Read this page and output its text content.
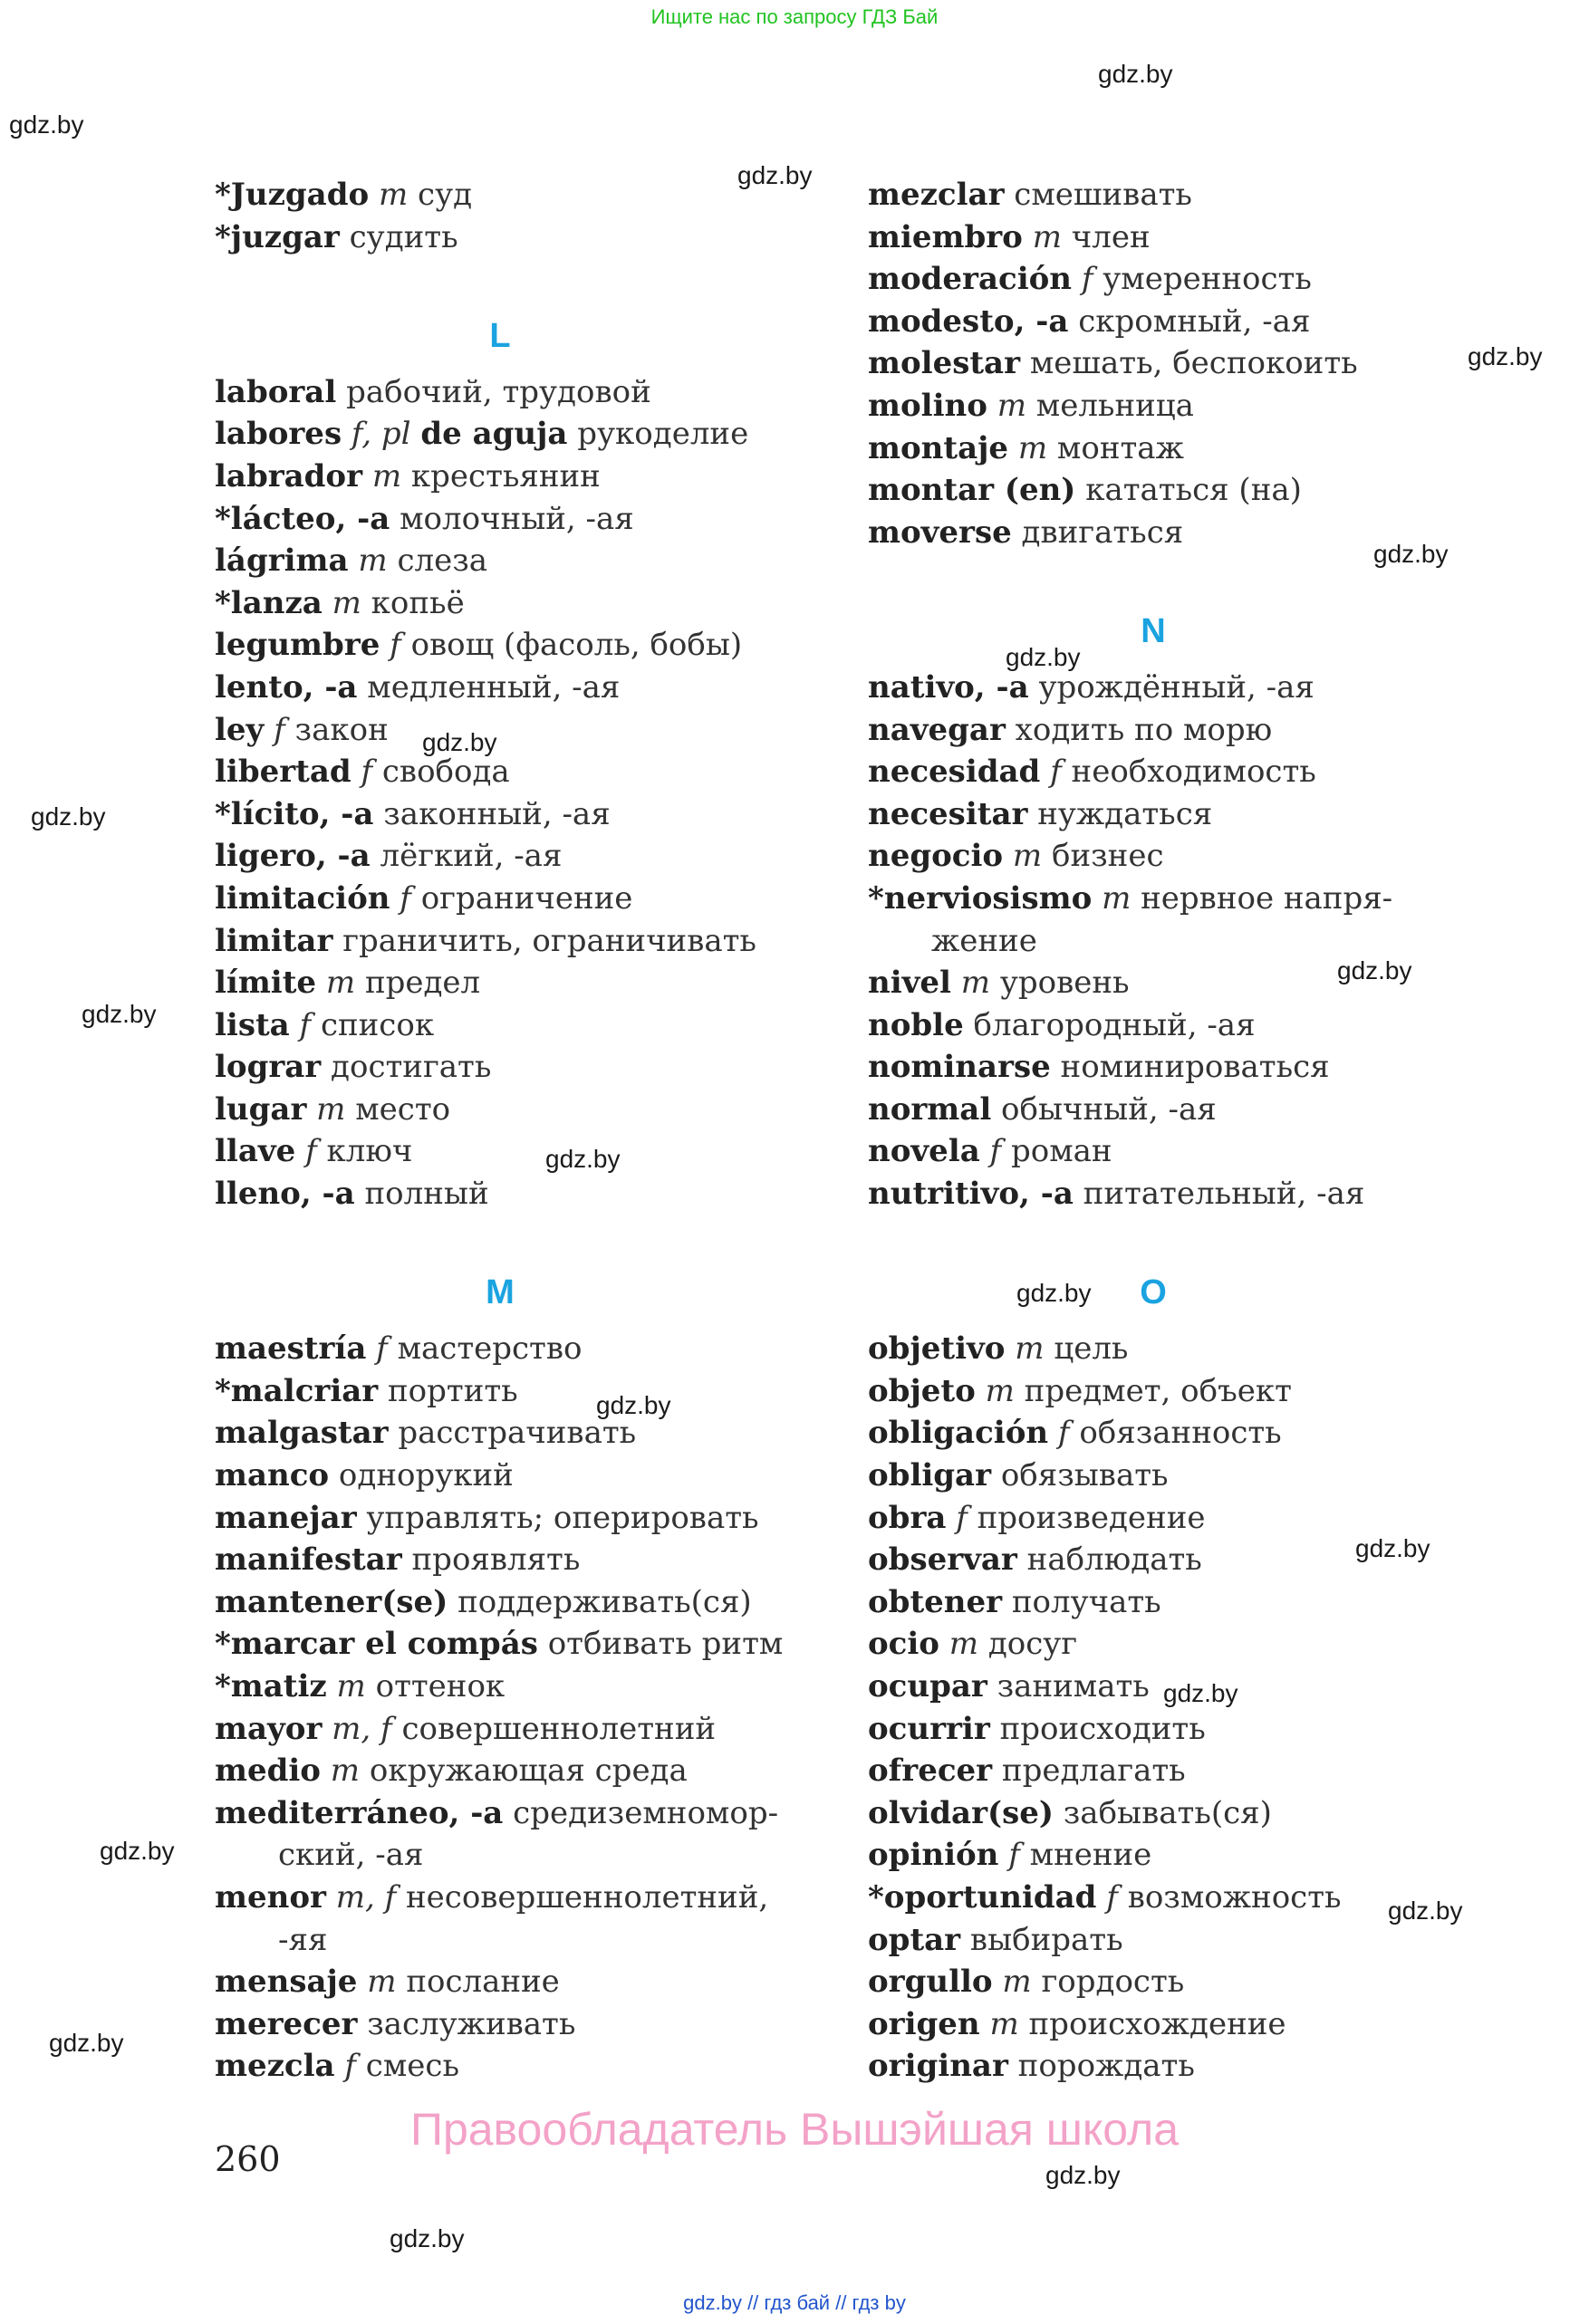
Ищите нас по запросу ГДЗ Бай
gdz.by
gdz.by
gdz.by
gdz.by
gdz.by
gdz.by
gdz.by
gdz.by
gdz.by
gdz.by
gdz.by
gdz.by
gdz.by
gdz.by
gdz.by
gdz.by
gdz.by
gdz.by
gdz.by
gdz.by
*Juzgado m суд
*juzgar судить
L
laboral рабочий, трудовой
labores f, pl de aguja рукоделие
labrador m крестьянин
*lácteo, -a молочный, -ая
lágrima m слеза
*lanza m копьё
legumbre f овощ (фасоль, бобы)
lento, -a медленный, -ая
ley f закон
libertad f свобода
*lícito, -a законный, -ая
ligero, -a лёгкий, -ая
limitación f ограничение
limitar граничить, ограничивать
límite m предел
lista f список
lograr достигать
lugar m место
llave f ключ
lleno, -a полный
M
maestría f мастерство
*malcriar портить
malgastar расстрачивать
manco однорукий
manejar управлять; оперировать
manifestar проявлять
mantener(se) поддерживать(ся)
*marcar el compás отбивать ритм
*matiz m оттенок
mayor m, f совершеннолетний
medio m окружающая среда
mediterráneo, -a средиземномор-
ский, -ая
menor m, f несовершеннолетний,
-яя
mensaje m послание
merecer заслуживать
mezcla f смесь
mezclar смешивать
miembro m член
moderación f умеренность
modesto, -a скромный, -ая
molestar мешать, беспокоить
molino m мельница
montaje m монтаж
montar (en) кататься (на)
moverse двигаться
N
nativo, -a урождённый, -ая
navegar ходить по морю
necesidad f необходимость
necesitar нуждаться
negocio m бизнес
*nerviosismo m нервное напря-
жение
nivel m уровень
noble благородный, -ая
nominarse номинироваться
normal обычный, -ая
novela f роман
nutritivo, -a питательный, -ая
O
objetivo m цель
objeto m предмет, объект
obligación f обязанность
obligar обязывать
obra f произведение
observar наблюдать
obtener получать
ocio m досуг
ocupar занимать
ocurrir происходить
ofrecer предлагать
olvidar(se) забывать(ся)
opinión f мнение
*oportunidad f возможность
optar выбирать
orgullo m гордость
origen m происхождение
originar порождать
Правообладатель Вышэйшая школа
260
gdz.by // гдз бай // гдз by
